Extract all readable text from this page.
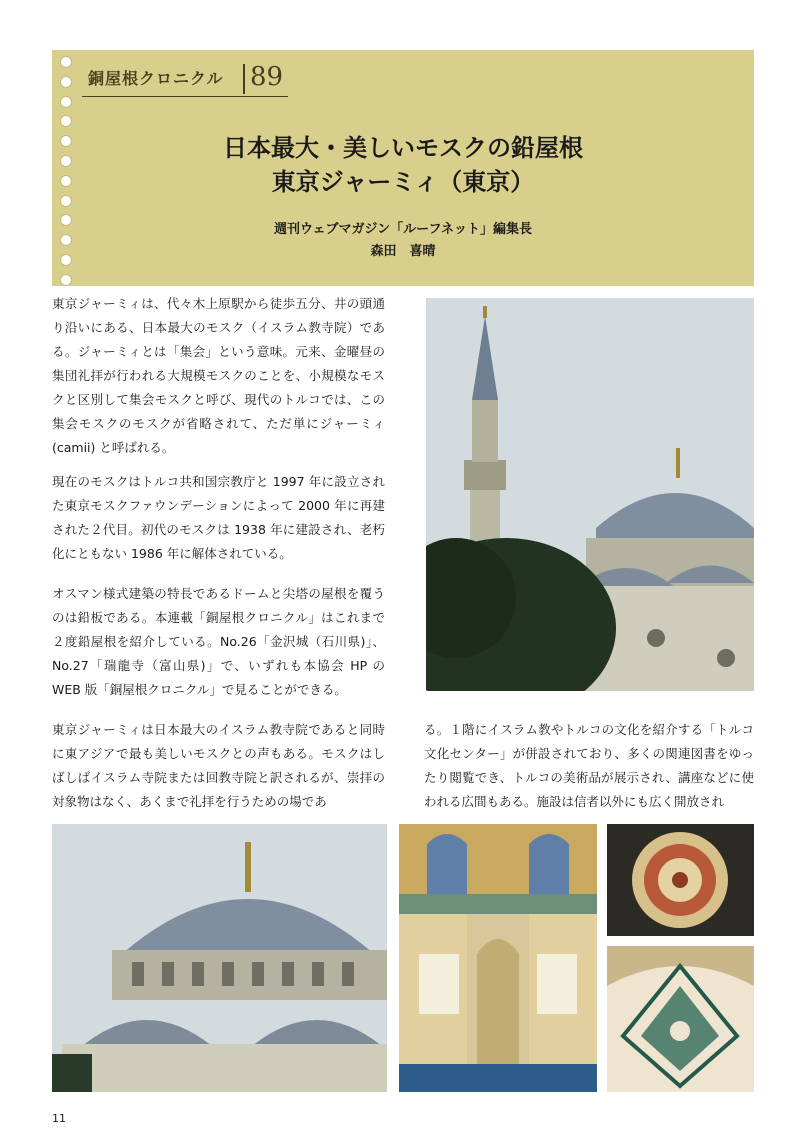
銅屋根クロニクル 89
日本最大・美しいモスクの鉛屋根
東京ジャーミィ（東京）
週刊ウェブマガジン「ルーフネット」編集長
森田　喜晴
東京ジャーミィは、代々木上原駅から徒歩五分、井の頭通り沿いにある、日本最大のモスク（イスラム教寺院）である。ジャーミィとは「集会」という意味。元来、金曜昼の集団礼拝が行われる大規模モスクのことを、小規模なモスクと区別して集会モスクと呼び、現代のトルコでは、この集会モスクのモスクが省略されて、ただ単にジャーミィ(camii) と呼ばれる。
現在のモスクはトルコ共和国宗教庁と 1997 年に設立された東京モスクファウンデーションによって 2000 年に再建された２代目。初代のモスクは 1938 年に建設され、老朽化にともない 1986 年に解体されている。
オスマン様式建築の特長であるドームと尖塔の屋根を覆うのは鉛板である。本連載「銅屋根クロニクル」はこれまで２度鉛屋根を紹介している。No.26「金沢城（石川県)」、No.27「瑞龍寺（富山県)」で、いずれも本協会 HP の WEB 版「銅屋根クロニクル」で見ることができる。
東京ジャーミィは日本最大のイスラム教寺院であると同時に東アジアで最も美しいモスクとの声もある。モスクはしばしばイスラム寺院または回教寺院と訳されるが、崇拝の対象物はなく、あくまで礼拝を行うための場であ
る。１階にイスラム教やトルコの文化を紹介する「トルコ文化センター」が併設されており、多くの関連図書をゆったり閲覧でき、トルコの美術品が展示され、講座などに使われる広間もある。施設は信者以外にも広く開放され
11
